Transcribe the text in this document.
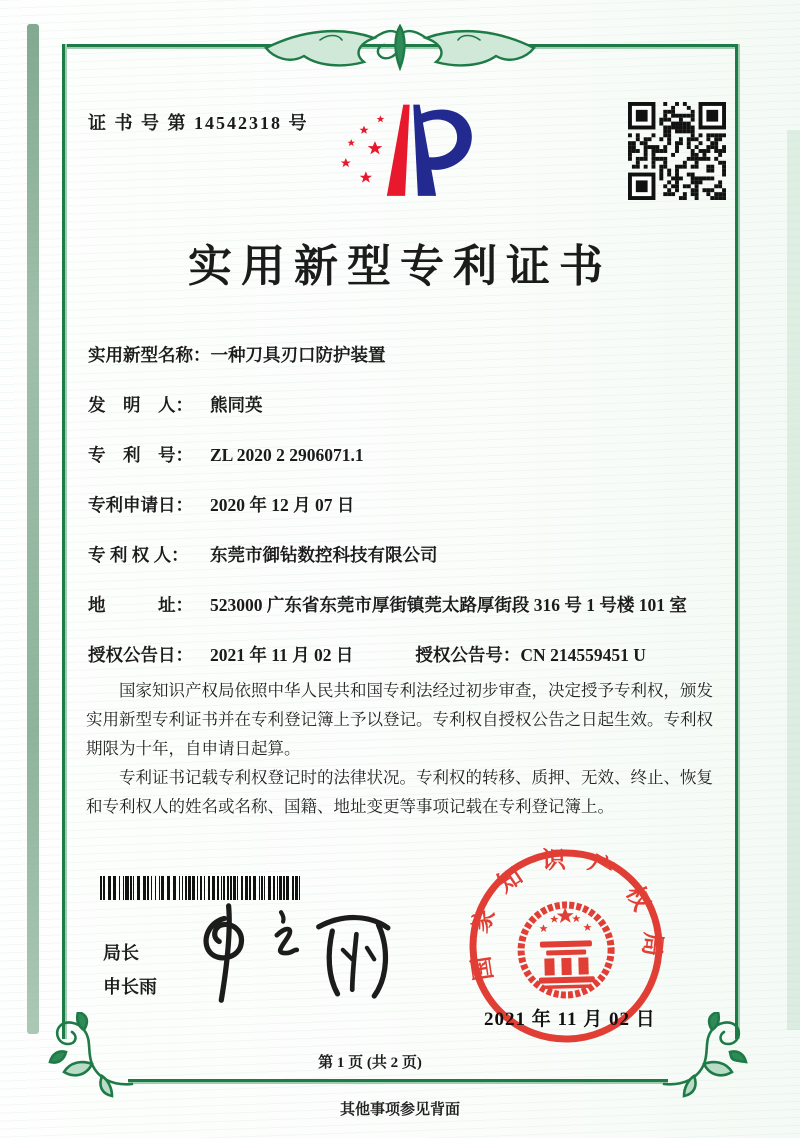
证 书 号 第 14542318 号
实用新型专利证书
实用新型名称： 一种刀具刃口防护装置
发　明　人： 熊同英
专　利　号： ZL 2020 2 2906071.1
专利申请日： 2020 年 12 月 07 日
专 利 权 人：	东莞市御钻数控科技有限公司
地　　　址： 523000 广东省东莞市厚街镇莞太路厚街段 316 号 1 号楼 101 室
授权公告日： 2021 年 11 月 02 日	授权公告号： CN 214559451 U

国家知识产权局依照中华人民共和国专利法经过初步审查，决定授予专利权，颁发实用新型专利证书并在专利登记簿上予以登记。专利权自授权公告之日起生效。专利权期限为十年，自申请日起算。

专利证书记载专利权登记时的法律状况。专利权的转移、质押、无效、终止、恢复和专利权人的姓名或名称、国籍、地址变更等事项记载在专利登记簿上。

局长
申长雨
国家知识产权局
2021 年 11 月 02 日
第 1 页 (共 2 页)
其他事项参见背面
